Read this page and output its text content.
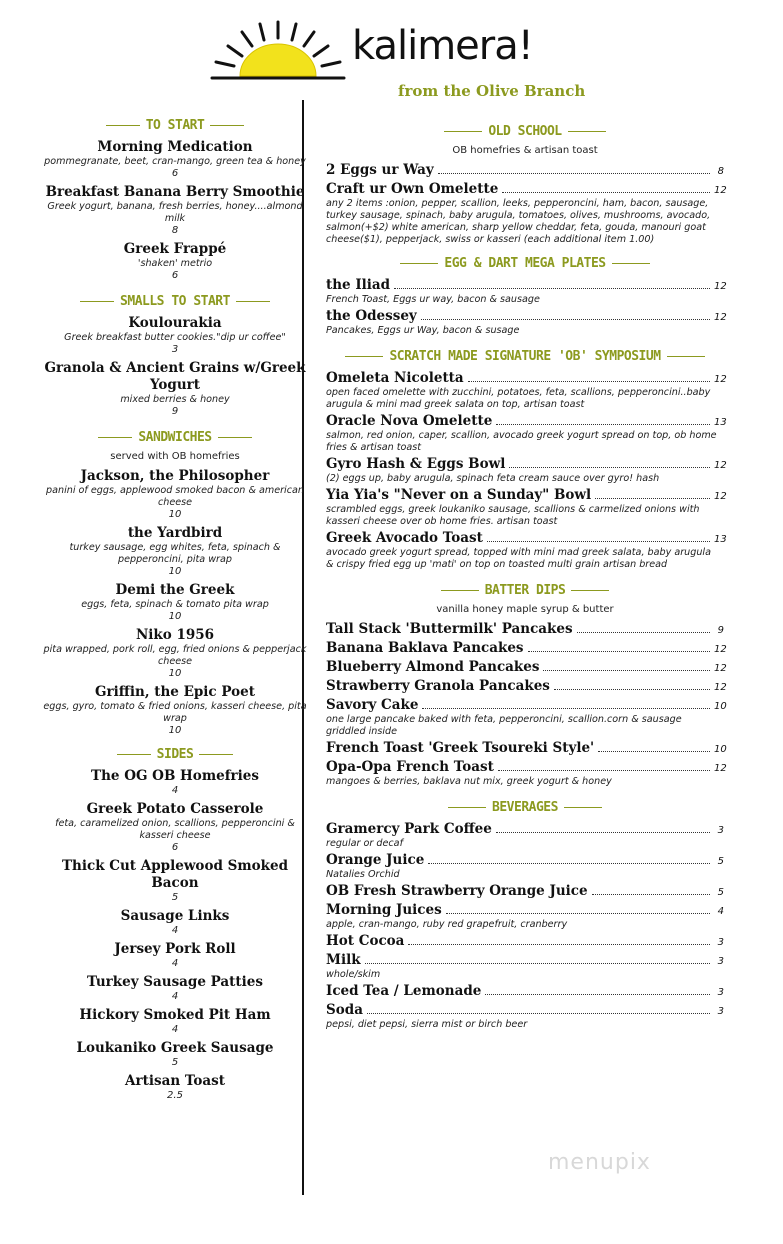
kalimera!
from the Olive Branch
TO START
Morning Medication
pommegranate, beet, cran-mango, green tea & honey
6
Breakfast Banana Berry Smoothie
Greek yogurt, banana, fresh berries, honey....almond milk
8
Greek Frappé
'shaken' metrio
6
SMALLS TO START
Koulourakia
Greek breakfast butter cookies."dip ur coffee"
3
Granola & Ancient Grains w/Greek Yogurt
mixed berries & honey
9
SANDWICHES
served with OB homefries
Jackson, the Philosopher
panini of eggs, applewood smoked bacon & american cheese
10
the Yardbird
turkey sausage, egg whites, feta, spinach & pepperoncini, pita wrap
10
Demi the Greek
eggs, feta, spinach & tomato pita wrap
10
Niko 1956
pita wrapped, pork roll, egg, fried onions & pepperjack cheese
10
Griffin, the Epic Poet
eggs, gyro, tomato & fried onions, kasseri cheese, pita wrap
10
SIDES
The OG OB Homefries
4
Greek Potato Casserole
feta, caramelized onion, scallions, pepperoncini & kasseri cheese
6
Thick Cut Applewood Smoked Bacon
5
Sausage Links
4
Jersey Pork Roll
4
Turkey Sausage Patties
4
Hickory Smoked Pit Ham
4
Loukaniko Greek Sausage
5
Artisan Toast
2.5
OLD SCHOOL
OB homefries & artisan toast
2 Eggs ur Way	8
Craft ur Own Omelette	12
any 2 items :onion, pepper, scallion, leeks, pepperoncini, ham, bacon, sausage, turkey sausage, spinach, baby arugula, tomatoes, olives, mushrooms, avocado, salmon(+$2) white american, sharp yellow cheddar, feta, gouda, manouri goat cheese($1), pepperjack, swiss or kasseri (each additional item 1.00)
EGG & DART MEGA PLATES
the Iliad	12
French Toast, Eggs ur way, bacon & sausage
the Odessey	12
Pancakes, Eggs ur Way, bacon & susage
SCRATCH MADE SIGNATURE 'OB' SYMPOSIUM
Omeleta Nicoletta	12
open faced omelette with zucchini, potatoes, feta, scallions, pepperoncini..baby arugula & mini mad greek salata on top, artisan toast
Oracle Nova Omelette	13
salmon, red onion, caper, scallion, avocado greek yogurt spread on top, ob home fries & artisan toast
Gyro Hash & Eggs Bowl	12
(2) eggs up, baby arugula, spinach feta cream sauce over gyro! hash
Yia Yia's "Never on a Sunday" Bowl	12
scrambled eggs, greek loukaniko sausage, scallions & carmelized onions with kasseri cheese over ob home fries. artisan toast
Greek Avocado Toast	13
avocado greek yogurt spread, topped with mini mad greek salata, baby arugula & crispy fried egg up 'mati' on top on toasted multi grain artisan bread
BATTER DIPS
vanilla honey maple syrup & butter
Tall Stack 'Buttermilk' Pancakes	9
Banana Baklava Pancakes	12
Blueberry Almond Pancakes	12
Strawberry Granola Pancakes	12
Savory Cake	10
one large pancake baked with feta, pepperoncini, scallion.corn & sausage griddled inside
French Toast 'Greek Tsoureki Style'	10
Opa-Opa French Toast	12
mangoes & berries, baklava nut mix, greek yogurt & honey
BEVERAGES
Gramercy Park Coffee	3
regular or decaf
Orange Juice	5
Natalies Orchid
OB Fresh Strawberry Orange Juice	5
Morning Juices	4
apple, cran-mango, ruby red grapefruit, cranberry
Hot Cocoa	3
Milk	3
whole/skim
Iced Tea / Lemonade	3
Soda	3
pepsi, diet pepsi, sierra mist or birch beer
menupix
